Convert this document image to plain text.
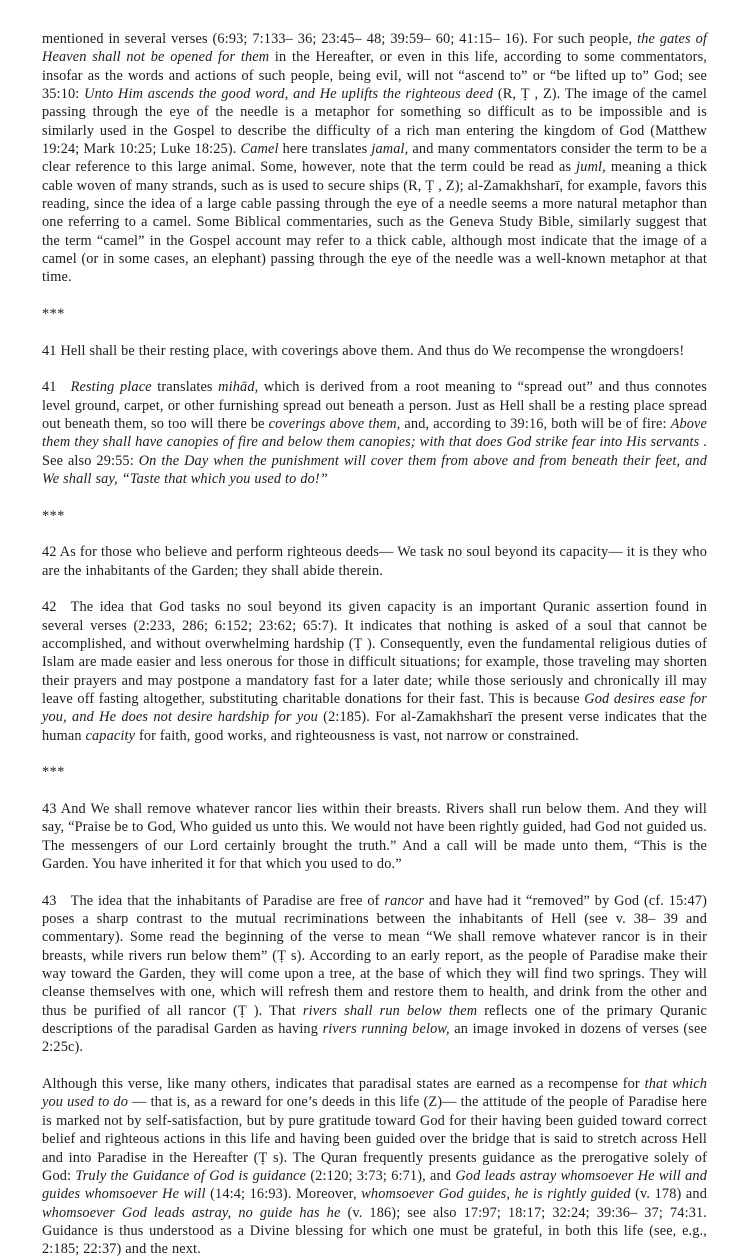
mentioned in several verses (6:93; 7:133– 36; 23:45– 48; 39:59– 60; 41:15– 16). For such people, the gates of Heaven shall not be opened for them in the Hereafter, or even in this life, according to some commentators, insofar as the words and actions of such people, being evil, will not “ascend to” or “be lifted up to” God; see 35:10: Unto Him ascends the good word, and He uplifts the righteous deed (R, Ṭ , Z). The image of the camel passing through the eye of the needle is a metaphor for something so difficult as to be impossible and is similarly used in the Gospel to describe the difficulty of a rich man entering the kingdom of God (Matthew 19:24; Mark 10:25; Luke 18:25). Camel here translates jamal, and many commentators consider the term to be a clear reference to this large animal. Some, however, note that the term could be read as juml, meaning a thick cable woven of many strands, such as is used to secure ships (R, Ṭ , Z); al-Zamakhsharī, for example, favors this reading, since the idea of a large cable passing through the eye of a needle seems a more natural metaphor than one referring to a camel. Some Biblical commentaries, such as the Geneva Study Bible, similarly suggest that the term “camel” in the Gospel account may refer to a thick cable, although most indicate that the image of a camel (or in some cases, an elephant) passing through the eye of the needle was a well-known metaphor at that time.

***

41 Hell shall be their resting place, with coverings above them. And thus do We recompense the wrongdoers!

41 Resting place translates mihād, which is derived from a root meaning to “spread out” and thus connotes level ground, carpet, or other furnishing spread out beneath a person. Just as Hell shall be a resting place spread out beneath them, so too will there be coverings above them, and, according to 39:16, both will be of fire: Above them they shall have canopies of fire and below them canopies; with that does God strike fear into His servants . See also 29:55: On the Day when the punishment will cover them from above and from beneath their feet, and We shall say, “Taste that which you used to do!”

***

42 As for those who believe and perform righteous deeds— We task no soul beyond its capacity— it is they who are the inhabitants of the Garden; they shall abide therein.

42 The idea that God tasks no soul beyond its given capacity is an important Quranic assertion found in several verses (2:233, 286; 6:152; 23:62; 65:7). It indicates that nothing is asked of a soul that cannot be accomplished, and without overwhelming hardship (Ṭ ). Consequently, even the fundamental religious duties of Islam are made easier and less onerous for those in difficult situations; for example, those traveling may shorten their prayers and may postpone a mandatory fast for a later date; while those seriously and chronically ill may leave off fasting altogether, substituting charitable donations for their fast. This is because God desires ease for you, and He does not desire hardship for you (2:185). For al-Zamakhsharī the present verse indicates that the human capacity for faith, good works, and righteousness is vast, not narrow or constrained.

***

43 And We shall remove whatever rancor lies within their breasts. Rivers shall run below them. And they will say, “Praise be to God, Who guided us unto this. We would not have been rightly guided, had God not guided us. The messengers of our Lord certainly brought the truth.” And a call will be made unto them, “This is the Garden. You have inherited it for that which you used to do.”

43 The idea that the inhabitants of Paradise are free of rancor and have had it “removed” by God (cf. 15:47) poses a sharp contrast to the mutual recriminations between the inhabitants of Hell (see v. 38– 39 and commentary). Some read the beginning of the verse to mean “We shall remove whatever rancor is in their breasts, while rivers run below them” (Ṭ s). According to an early report, as the people of Paradise make their way toward the Garden, they will come upon a tree, at the base of which they will find two springs. They will cleanse themselves with one, which will refresh them and restore them to health, and drink from the other and thus be purified of all rancor (Ṭ ). That rivers shall run below them reflects one of the primary Quranic descriptions of the paradisal Garden as having rivers running below, an image invoked in dozens of verses (see 2:25c).

Although this verse, like many others, indicates that paradisal states are earned as a recompense for that which you used to do — that is, as a reward for one’s deeds in this life (Z)— the attitude of the people of Paradise here is marked not by self-satisfaction, but by pure gratitude toward God for their having been guided toward correct belief and righteous actions in this life and having been guided over the bridge that is said to stretch across Hell and into Paradise in the Hereafter (Ṭ s). The Quran frequently presents guidance as the prerogative solely of God: Truly the Guidance of God is guidance (2:120; 3:73; 6:71), and God leads astray whomsoever He will and guides whomsoever He will (14:4; 16:93). Moreover, whomsoever God guides, he is rightly guided (v. 178) and whomsoever God leads astray, no guide has he (v. 186); see also 17:97; 18:17; 32:24; 39:36– 37; 74:31. Guidance is thus understood as a Divine blessing for which one must be grateful, in both this life (see, e.g., 2:185; 22:37) and the next.
